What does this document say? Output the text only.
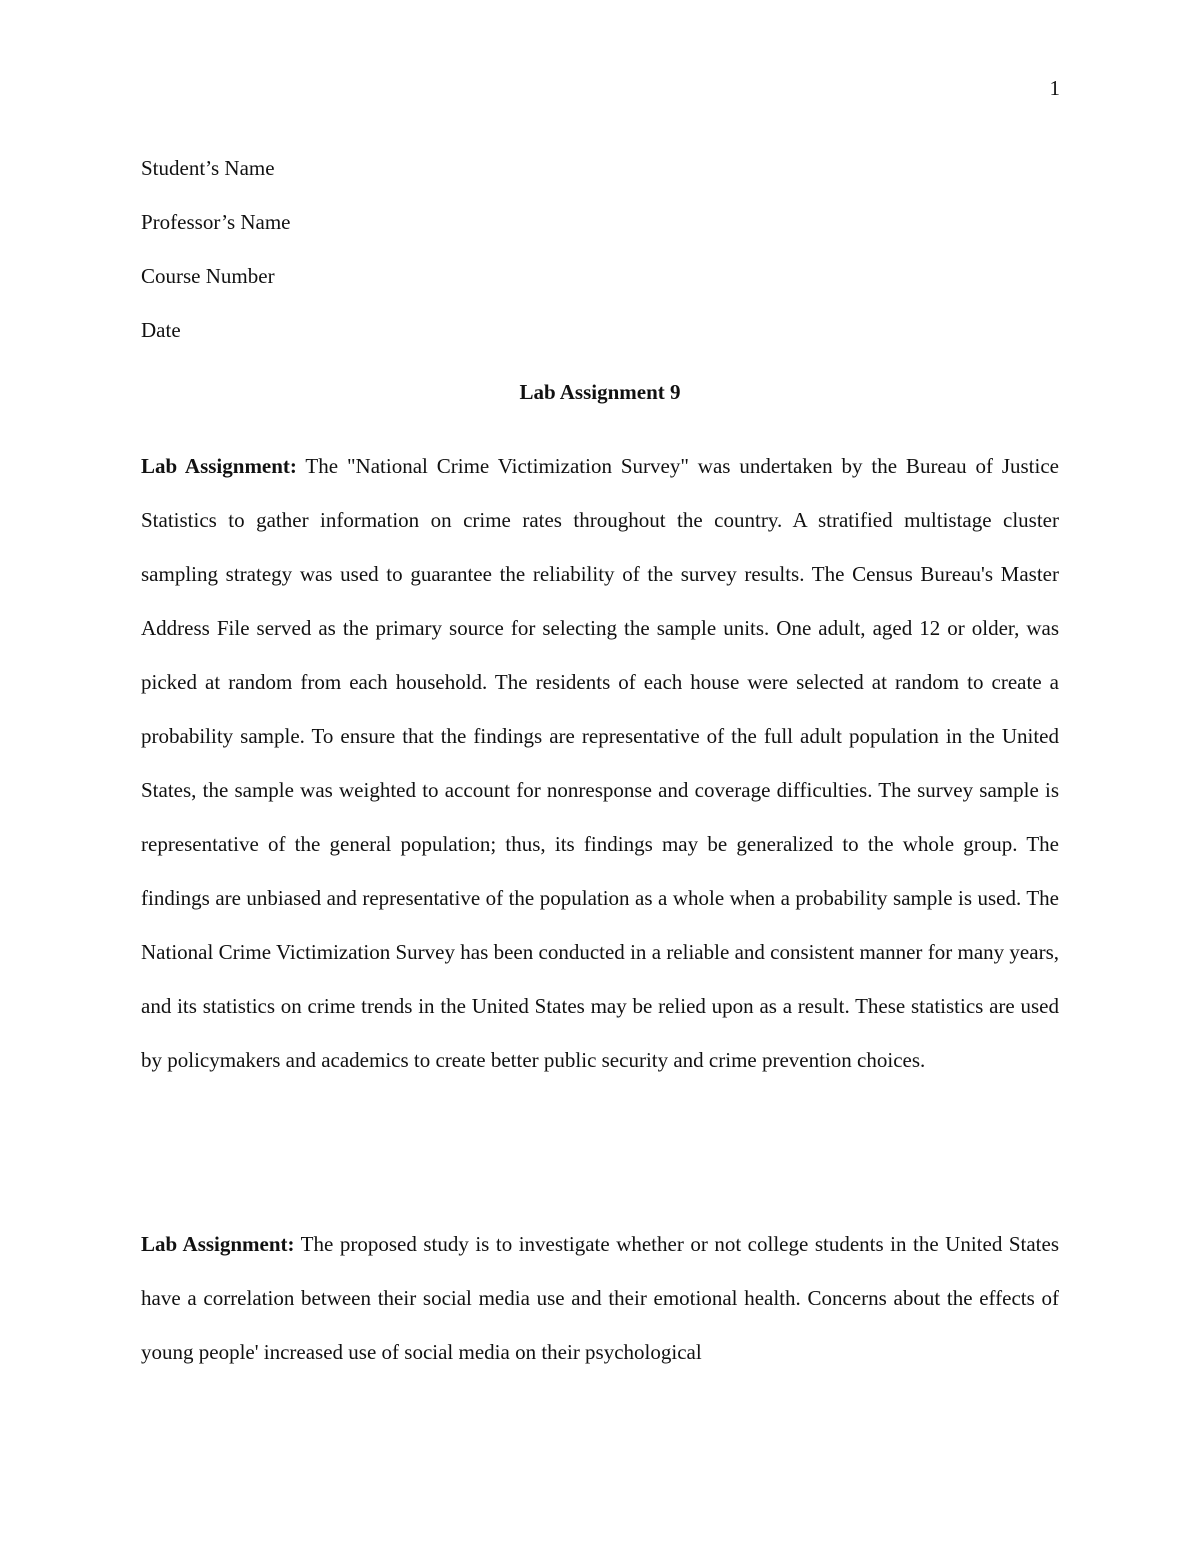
1

Student’s Name

Professor’s Name

Course Number

Date

Lab Assignment 9

Lab Assignment: The "National Crime Victimization Survey" was undertaken by the Bureau of Justice Statistics to gather information on crime rates throughout the country. A stratified multistage cluster sampling strategy was used to guarantee the reliability of the survey results. The Census Bureau's Master Address File served as the primary source for selecting the sample units. One adult, aged 12 or older, was picked at random from each household. The residents of each house were selected at random to create a probability sample. To ensure that the findings are representative of the full adult population in the United States, the sample was weighted to account for nonresponse and coverage difficulties. The survey sample is representative of the general population; thus, its findings may be generalized to the whole group. The findings are unbiased and representative of the population as a whole when a probability sample is used. The National Crime Victimization Survey has been conducted in a reliable and consistent manner for many years, and its statistics on crime trends in the United States may be relied upon as a result. These statistics are used by policymakers and academics to create better public security and crime prevention choices.

Lab Assignment: The proposed study is to investigate whether or not college students in the United States have a correlation between their social media use and their emotional health. Concerns about the effects of young people' increased use of social media on their psychological
